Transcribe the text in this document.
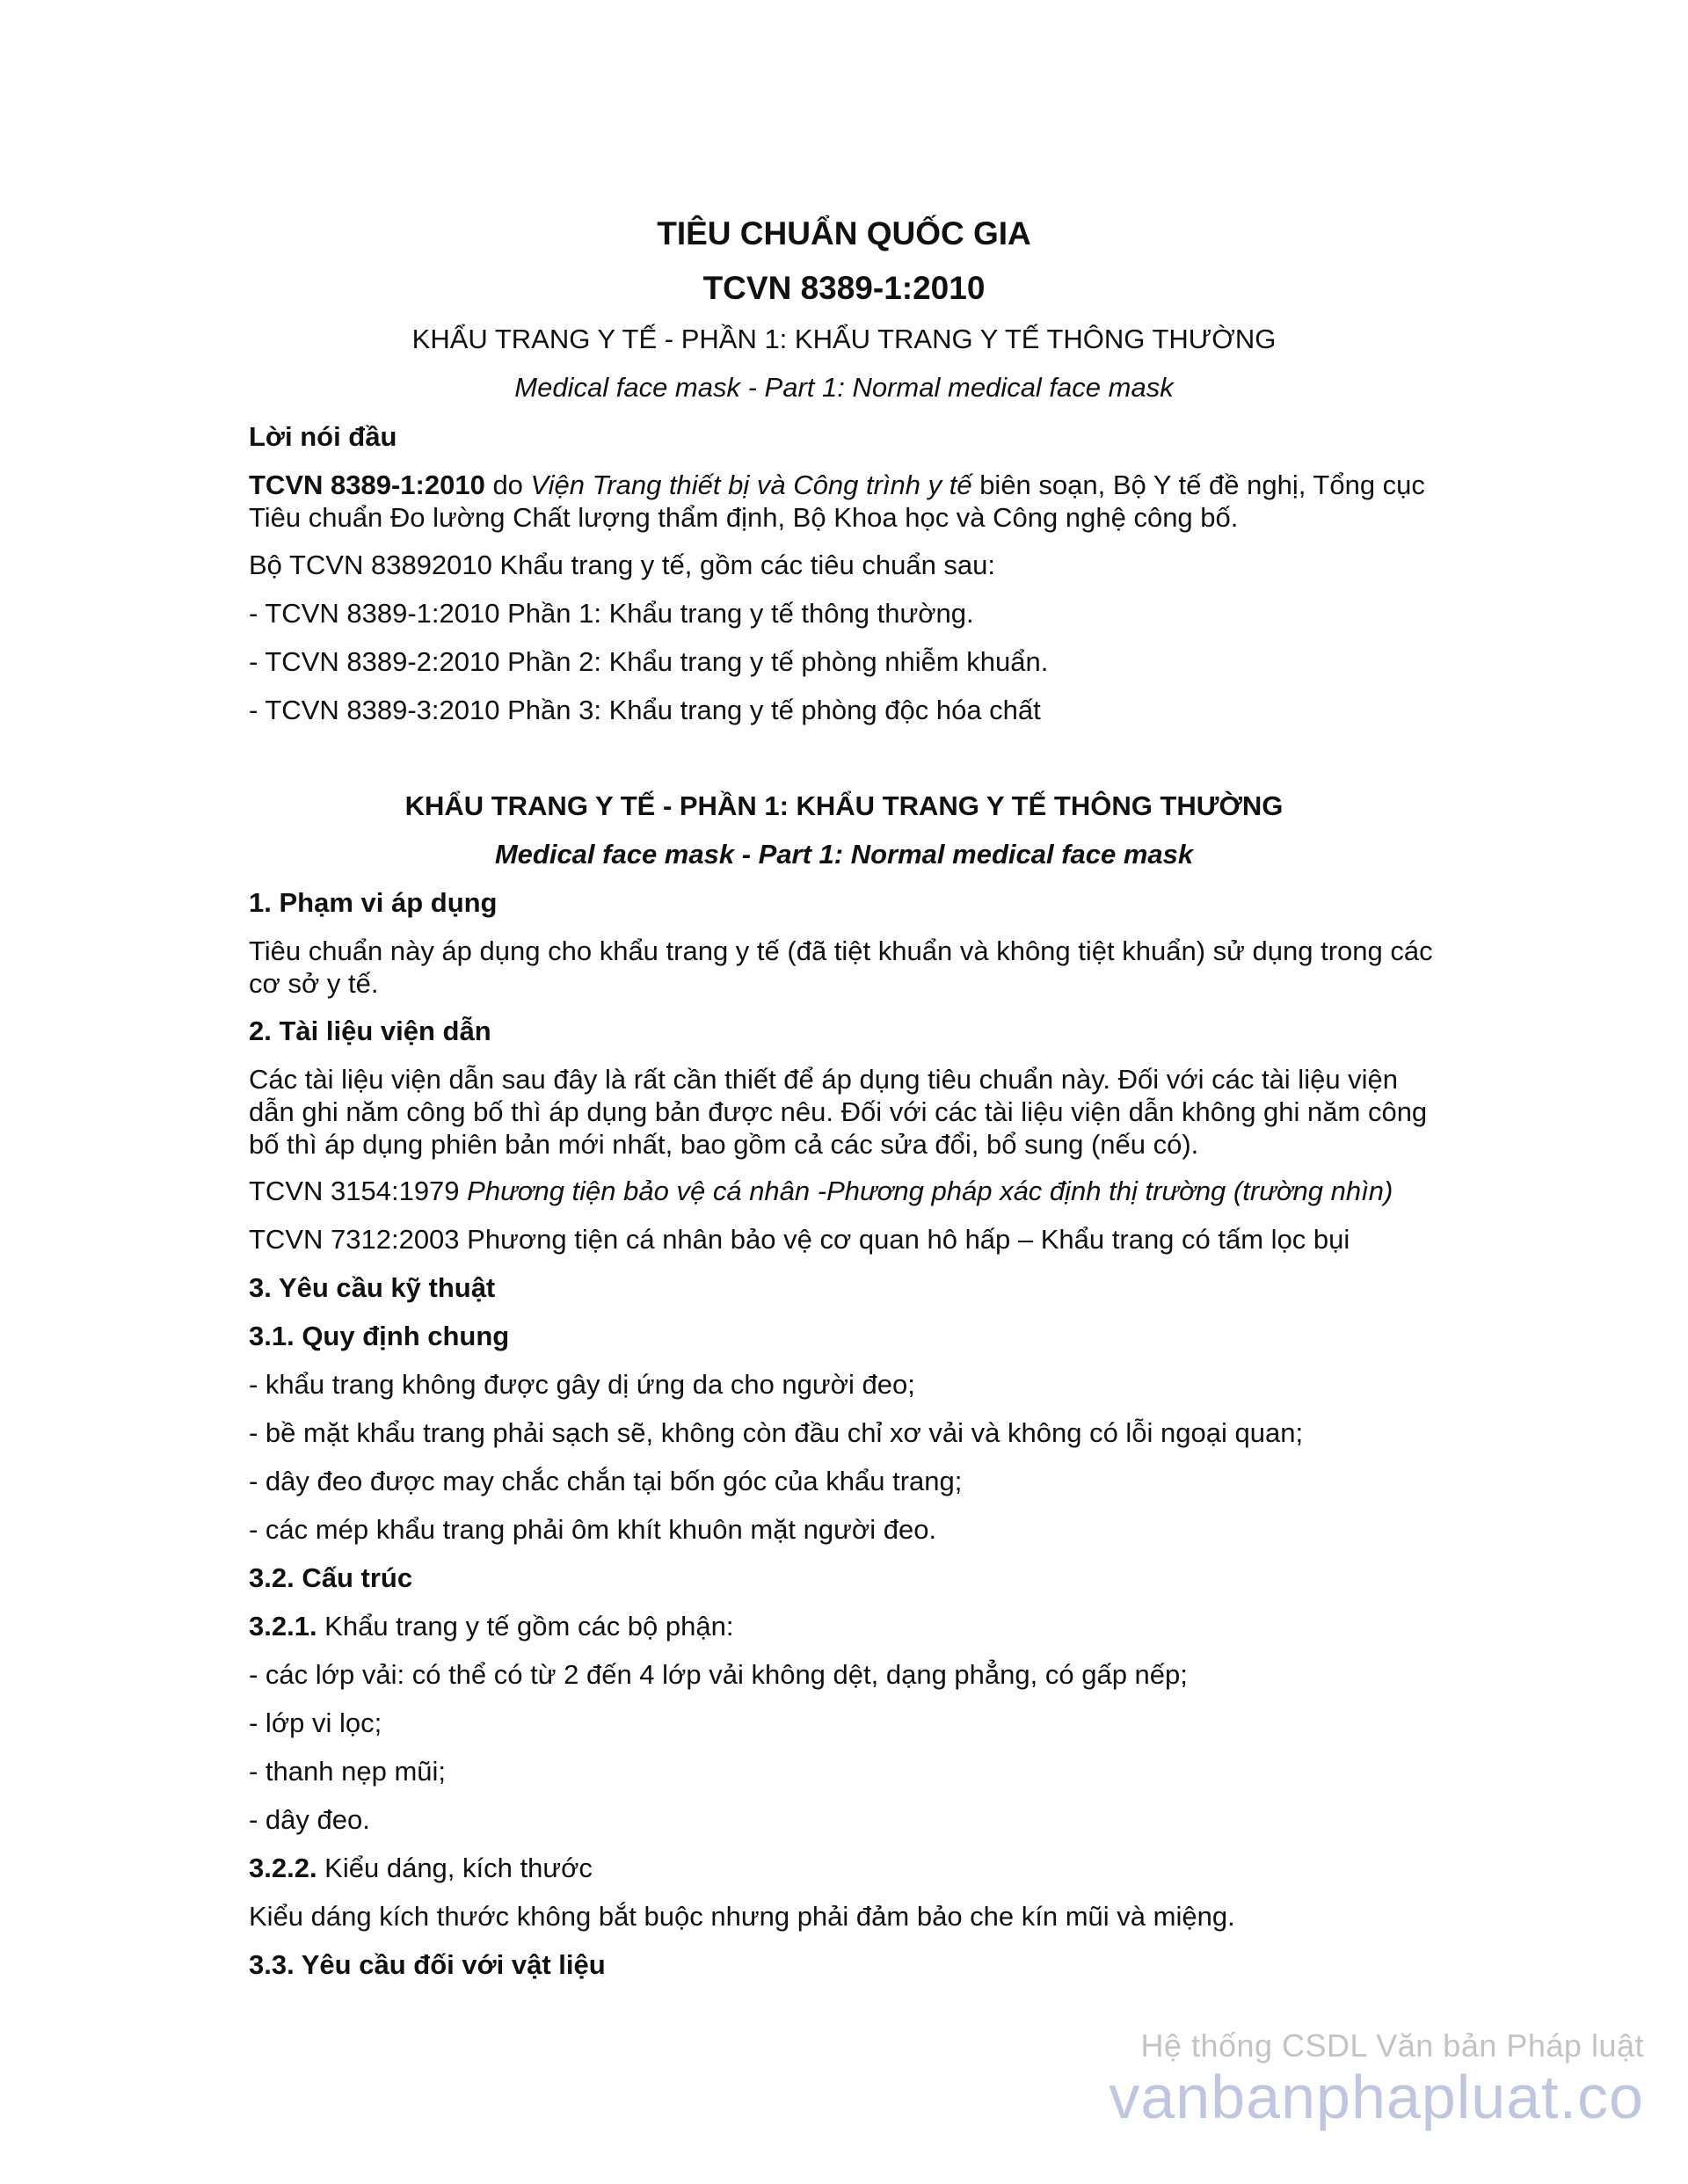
TIÊU CHUẨN QUỐC GIA
TCVN 8389-1:2010
KHẨU TRANG Y TẾ - PHẦN 1: KHẨU TRANG Y TẾ THÔNG THƯỜNG
Medical face mask - Part 1: Normal medical face mask
Lời nói đầu
TCVN 8389-1:2010 do Viện Trang thiết bị và Công trình y tế biên soạn, Bộ Y tế đề nghị, Tổng cục Tiêu chuẩn Đo lường Chất lượng thẩm định, Bộ Khoa học và Công nghệ công bố.
Bộ TCVN 83892010 Khẩu trang y tế, gồm các tiêu chuẩn sau:
- TCVN 8389-1:2010 Phần 1: Khẩu trang y tế thông thường.
- TCVN 8389-2:2010 Phần 2: Khẩu trang y tế phòng nhiễm khuẩn.
- TCVN 8389-3:2010 Phần 3: Khẩu trang y tế phòng độc hóa chất
KHẨU TRANG Y TẾ - PHẦN 1: KHẨU TRANG Y TẾ THÔNG THƯỜNG
Medical face mask - Part 1: Normal medical face mask
1. Phạm vi áp dụng
Tiêu chuẩn này áp dụng cho khẩu trang y tế (đã tiệt khuẩn và không tiệt khuẩn) sử dụng trong các cơ sở y tế.
2. Tài liệu viện dẫn
Các tài liệu viện dẫn sau đây là rất cần thiết để áp dụng tiêu chuẩn này. Đối với các tài liệu viện dẫn ghi năm công bố thì áp dụng bản được nêu. Đối với các tài liệu viện dẫn không ghi năm công bố thì áp dụng phiên bản mới nhất, bao gồm cả các sửa đổi, bổ sung (nếu có).
TCVN 3154:1979 Phương tiện bảo vệ cá nhân -Phương pháp xác định thị trường (trường nhìn)
TCVN 7312:2003 Phương tiện cá nhân bảo vệ cơ quan hô hấp – Khẩu trang có tấm lọc bụi
3. Yêu cầu kỹ thuật
3.1. Quy định chung
- khẩu trang không được gây dị ứng da cho người đeo;
- bề mặt khẩu trang phải sạch sẽ, không còn đầu chỉ xơ vải và không có lỗi ngoại quan;
- dây đeo được may chắc chắn tại bốn góc của khẩu trang;
- các mép khẩu trang phải ôm khít khuôn mặt người đeo.
3.2. Cấu trúc
3.2.1. Khẩu trang y tế gồm các bộ phận:
- các lớp vải: có thể có từ 2 đến 4 lớp vải không dệt, dạng phẳng, có gấp nếp;
- lớp vi lọc;
- thanh nẹp mũi;
- dây đeo.
3.2.2. Kiểu dáng, kích thước
Kiểu dáng kích thước không bắt buộc nhưng phải đảm bảo che kín mũi và miệng.
3.3. Yêu cầu đối với vật liệu
Hệ thống CSDL Văn bản Pháp luật
vanbanphapluat.co
